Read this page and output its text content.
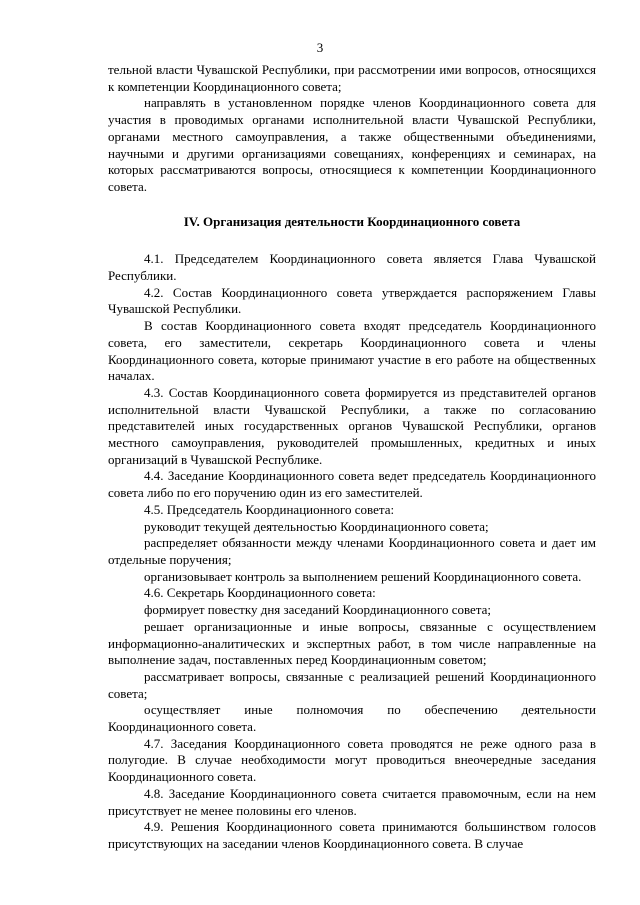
3

тельной власти Чувашской Республики, при рассмотрении ими вопросов, относящихся к компетенции Координационного совета;

направлять в установленном порядке членов Координационного совета для участия в проводимых органами исполнительной власти Чувашской Республики, органами местного самоуправления, а также общественными объединениями, научными и другими организациями совещаниях, конференциях и семинарах, на которых рассматриваются вопросы, относящиеся к компетенции Координационного совета.

IV. Организация деятельности Координационного совета

4.1. Председателем Координационного совета является Глава Чувашской Республики.

4.2. Состав Координационного совета утверждается распоряжением Главы Чувашской Республики.

В состав Координационного совета входят председатель Координационного совета, его заместители, секретарь Координационного совета и члены Координационного совета, которые принимают участие в его работе на общественных началах.

4.3. Состав Координационного совета формируется из представителей органов исполнительной власти Чувашской Республики, а также по согласованию представителей иных государственных органов Чувашской Республики, органов местного самоуправления, руководителей промышленных, кредитных и иных организаций в Чувашской Республике.

4.4. Заседание Координационного совета ведет председатель Координационного совета либо по его поручению один из его заместителей.

4.5. Председатель Координационного совета:

руководит текущей деятельностью Координационного совета;

распределяет обязанности между членами Координационного совета и дает им отдельные поручения;

организовывает контроль за выполнением решений Координационного совета.

4.6. Секретарь Координационного совета:

формирует повестку дня заседаний Координационного совета;

решает организационные и иные вопросы, связанные с осуществлением информационно-аналитических и экспертных работ, в том числе направленные на выполнение задач, поставленных перед Координационным советом;

рассматривает вопросы, связанные с реализацией решений Координационного совета;

осуществляет иные полномочия по обеспечению деятельности Координационного совета.

4.7. Заседания Координационного совета проводятся не реже одного раза в полугодие. В случае необходимости могут проводиться внеочередные заседания Координационного совета.

4.8. Заседание Координационного совета считается правомочным, если на нем присутствует не менее половины его членов.

4.9. Решения Координационного совета принимаются большинством голосов присутствующих на заседании членов Координационного совета. В случае
